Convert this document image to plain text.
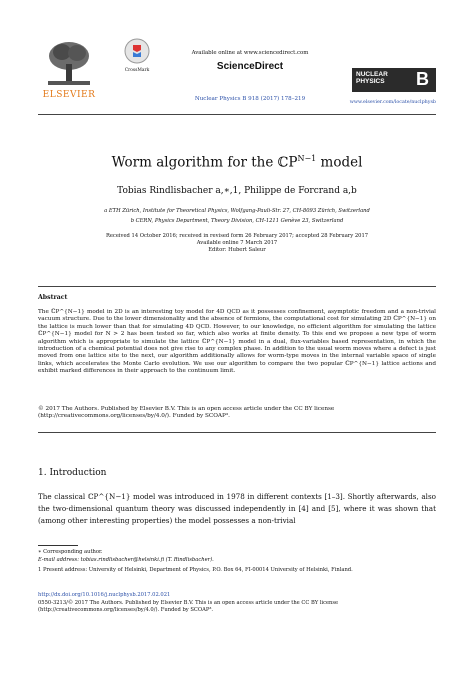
ELSEVIER
CrossMark
Available online at www.sciencedirect.com
ScienceDirect
Nuclear Physics B 918 (2017) 178–219
NUCLEAR
PHYSICS B
www.elsevier.com/locate/nuclphysb
Worm algorithm for the ℂP$^{N-1}$ model
Tobias Rindlisbacher a,∗,1, Philippe de Forcrand a,b
a ETH Zürich, Institute for Theoretical Physics, Wolfgang-Pauli-Str. 27, CH-8093 Zürich, Switzerland
b CERN, Physics Department, Theory Division, CH-1211 Genève 23, Switzerland
Received 14 October 2016; received in revised form 26 February 2017; accepted 28 February 2017
Available online 7 March 2017
Editor: Hubert Saleur
Abstract
The ℂP^{N−1} model in 2D is an interesting toy model for 4D QCD as it possesses confinement, asymptotic freedom and a non-trivial vacuum structure. Due to the lower dimensionality and the absence of fermions, the computational cost for simulating 2D ℂP^{N−1} on the lattice is much lower than that for simulating 4D QCD. However, to our knowledge, no efficient algorithm for simulating the lattice ℂP^{N−1} model for N > 2 has been tested so far, which also works at finite density. To this end we propose a new type of worm algorithm which is appropriate to simulate the lattice ℂP^{N−1} model in a dual, flux-variables based representation, in which the introduction of a chemical potential does not give rise to any complex phase. In addition to the usual worm moves where a defect is just moved from one lattice site to the next, our algorithm additionally allows for worm-type moves in the internal variable space of single links, which accelerates the Monte Carlo evolution. We use our algorithm to compare the two popular ℂP^{N−1} lattice actions and exhibit marked differences in their approach to the continuum limit.
© 2017 The Authors. Published by Elsevier B.V. This is an open access article under the CC BY license (http://creativecommons.org/licenses/by/4.0/). Funded by SCOAP³.
1. Introduction
The classical ℂP^{N−1} model was introduced in 1978 in different contexts [1–3]. Shortly afterwards, also the two-dimensional quantum theory was discussed independently in [4] and [5], where it was shown that (among other interesting properties) the model possesses a non-trivial
∗ Corresponding author.
E-mail address: tobias.rindlisbacher@helsinki.fi (T. Rindlisbacher).
1 Present address: University of Helsinki, Department of Physics, P.O. Box 64, FI-00014 University of Helsinki, Finland.
http://dx.doi.org/10.1016/j.nuclphysb.2017.02.021
0550-3213/© 2017 The Authors. Published by Elsevier B.V. This is an open access article under the CC BY license (http://creativecommons.org/licenses/by/4.0/). Funded by SCOAP³.
